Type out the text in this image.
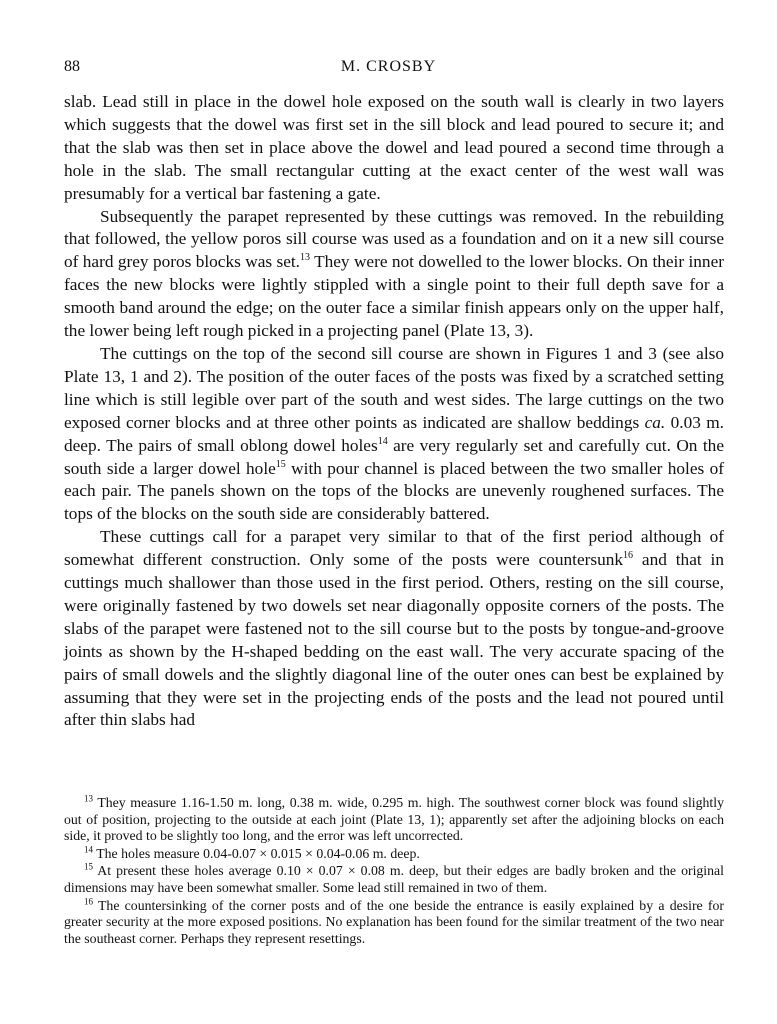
88	M. CROSBY

slab. Lead still in place in the dowel hole exposed on the south wall is clearly in two layers which suggests that the dowel was first set in the sill block and lead poured to secure it; and that the slab was then set in place above the dowel and lead poured a second time through a hole in the slab. The small rectangular cutting at the exact center of the west wall was presumably for a vertical bar fastening a gate.

Subsequently the parapet represented by these cuttings was removed. In the rebuilding that followed, the yellow poros sill course was used as a foundation and on it a new sill course of hard grey poros blocks was set.$^{13}$ They were not dowelled to the lower blocks. On their inner faces the new blocks were lightly stippled with a single point to their full depth save for a smooth band around the edge; on the outer face a similar finish appears only on the upper half, the lower being left rough picked in a projecting panel (Plate 13, 3).

The cuttings on the top of the second sill course are shown in Figures 1 and 3 (see also Plate 13, 1 and 2). The position of the outer faces of the posts was fixed by a scratched setting line which is still legible over part of the south and west sides. The large cuttings on the two exposed corner blocks and at three other points as indicated are shallow beddings ca. 0.03 m. deep. The pairs of small oblong dowel holes$^{14}$ are very regularly set and carefully cut. On the south side a larger dowel hole$^{15}$ with pour channel is placed between the two smaller holes of each pair. The panels shown on the tops of the blocks are unevenly roughened surfaces. The tops of the blocks on the south side are considerably battered.

These cuttings call for a parapet very similar to that of the first period although of somewhat different construction. Only some of the posts were countersunk$^{16}$ and that in cuttings much shallower than those used in the first period. Others, resting on the sill course, were originally fastened by two dowels set near diagonally opposite corners of the posts. The slabs of the parapet were fastened not to the sill course but to the posts by tongue-and-groove joints as shown by the H-shaped bedding on the east wall. The very accurate spacing of the pairs of small dowels and the slightly diagonal line of the outer ones can best be explained by assuming that they were set in the projecting ends of the posts and the lead not poured until after thin slabs had

$^{13}$ They measure 1.16-1.50 m. long, 0.38 m. wide, 0.295 m. high. The southwest corner block was found slightly out of position, projecting to the outside at each joint (Plate 13, 1); apparently set after the adjoining blocks on each side, it proved to be slightly too long, and the error was left uncorrected.

$^{14}$ The holes measure 0.04-0.07 × 0.015 × 0.04-0.06 m. deep.

$^{15}$ At present these holes average 0.10 × 0.07 × 0.08 m. deep, but their edges are badly broken and the original dimensions may have been somewhat smaller. Some lead still remained in two of them.

$^{16}$ The countersinking of the corner posts and of the one beside the entrance is easily explained by a desire for greater security at the more exposed positions. No explanation has been found for the similar treatment of the two near the southeast corner. Perhaps they represent resettings.
